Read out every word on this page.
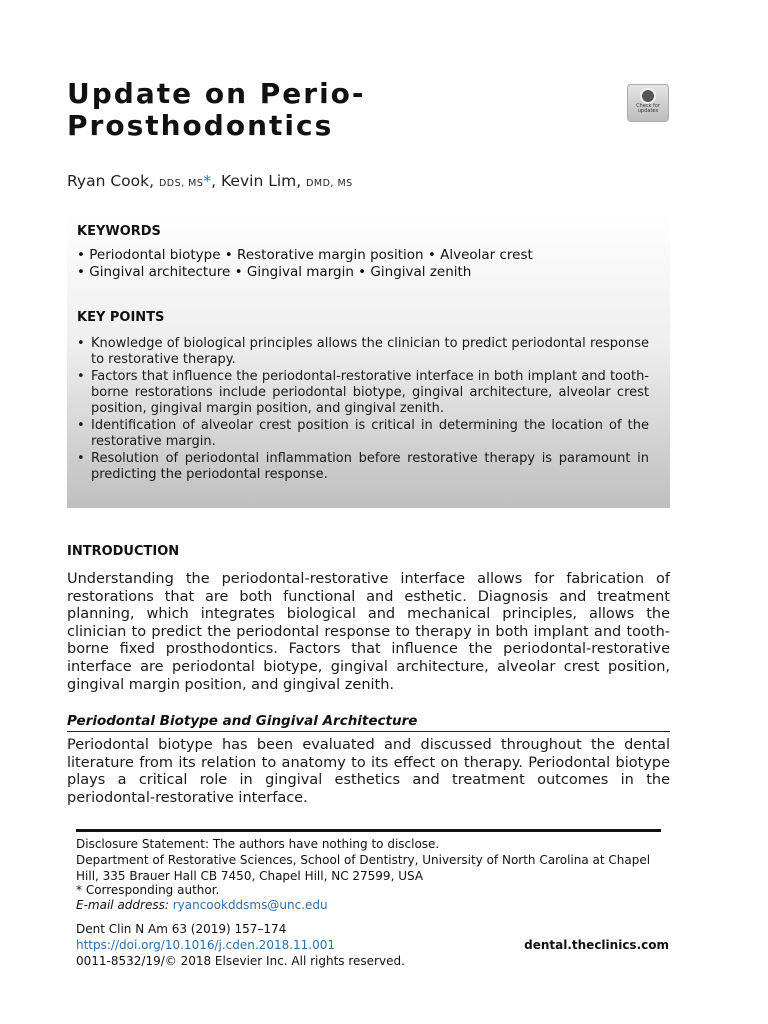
Update on Perio-
Prosthodontics
Check for
updates
Ryan Cook, DDS, MS*, Kevin Lim, DMD, MS
KEYWORDS
• Periodontal biotype • Restorative margin position • Alveolar crest
• Gingival architecture • Gingival margin • Gingival zenith
KEY POINTS
• Knowledge of biological principles allows the clinician to predict periodontal response to restorative therapy.
• Factors that influence the periodontal-restorative interface in both implant and tooth-borne restorations include periodontal biotype, gingival architecture, alveolar crest position, gingival margin position, and gingival zenith.
• Identification of alveolar crest position is critical in determining the location of the restorative margin.
• Resolution of periodontal inflammation before restorative therapy is paramount in predicting the periodontal response.
INTRODUCTION

Understanding the periodontal-restorative interface allows for fabrication of restorations that are both functional and esthetic. Diagnosis and treatment planning, which integrates biological and mechanical principles, allows the clinician to predict the periodontal response to therapy in both implant and tooth-borne fixed prosthodontics. Factors that influence the periodontal-restorative interface are periodontal biotype, gingival architecture, alveolar crest position, gingival margin position, and gingival zenith.

Periodontal Biotype and Gingival Architecture

Periodontal biotype has been evaluated and discussed throughout the dental literature from its relation to anatomy to its effect on therapy. Periodontal biotype plays a critical role in gingival esthetics and treatment outcomes in the periodontal-restorative interface.

Disclosure Statement: The authors have nothing to disclose.

Department of Restorative Sciences, School of Dentistry, University of North Carolina at Chapel Hill, 335 Brauer Hall CB 7450, Chapel Hill, NC 27599, USA

* Corresponding author.

E-mail address: ryancookddsms@unc.edu

Dent Clin N Am 63 (2019) 157–174

https://doi.org/10.1016/j.cden.2018.11.001	dental.theclinics.com

0011-8532/19/© 2018 Elsevier Inc. All rights reserved.
